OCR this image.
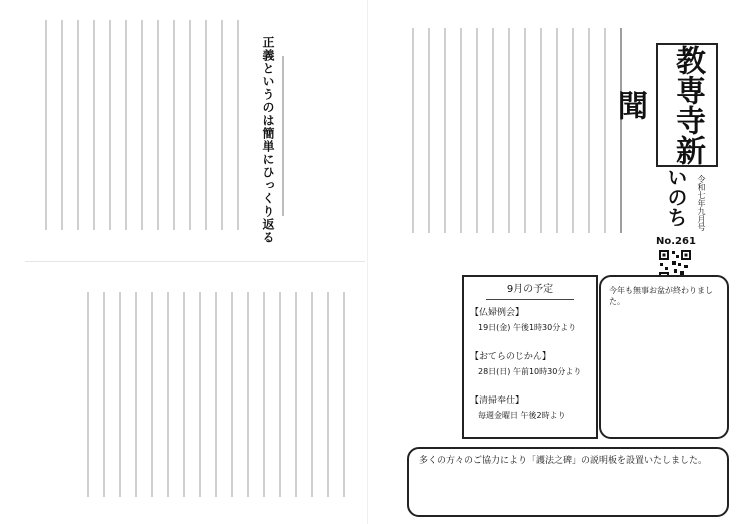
正義というのは簡単にひっくり返る	教専寺新聞
いのち	令和七年九月号
No.261
9月の予定
【仏婦例会】
19日(金) 午後1時30分より
【おてらのじかん】
28日(日) 午前10時30分より
【清掃奉仕】
毎週金曜日 午後2時より
今年も無事お盆が終わりました。
多くの方々のご協力により「護法之碑」の説明板を設置いたしました。
